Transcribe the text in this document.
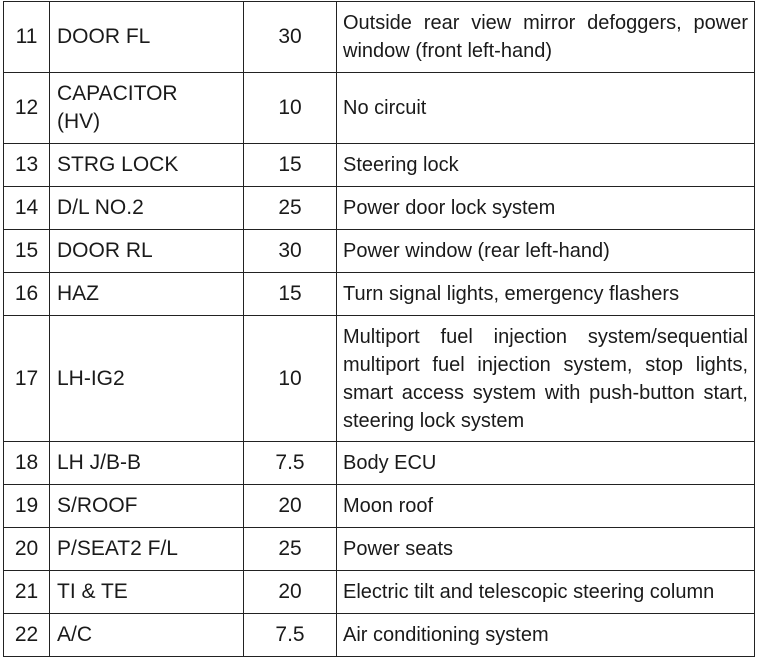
11	DOOR FL	30	Outside rear view mirror defoggers, power window (front left-hand)

12	CAPACITOR (HV)	10	No circuit

13	STRG LOCK	15	Steering lock

14	D/L NO.2	25	Power door lock system

15	DOOR RL	30	Power window (rear left-hand)

16	HAZ	15	Turn signal lights, emergency flashers

17	LH-IG2	10	Multiport fuel injection system/sequential multiport fuel injection system, stop lights, smart access system with push-button start, steering lock system

18	LH J/B-B	7.5	Body ECU

19	S/ROOF	20	Moon roof

20	P/SEAT2 F/L	25	Power seats

21	TI & TE	20	Electric tilt and telescopic steering column

22	A/C	7.5	Air conditioning system
